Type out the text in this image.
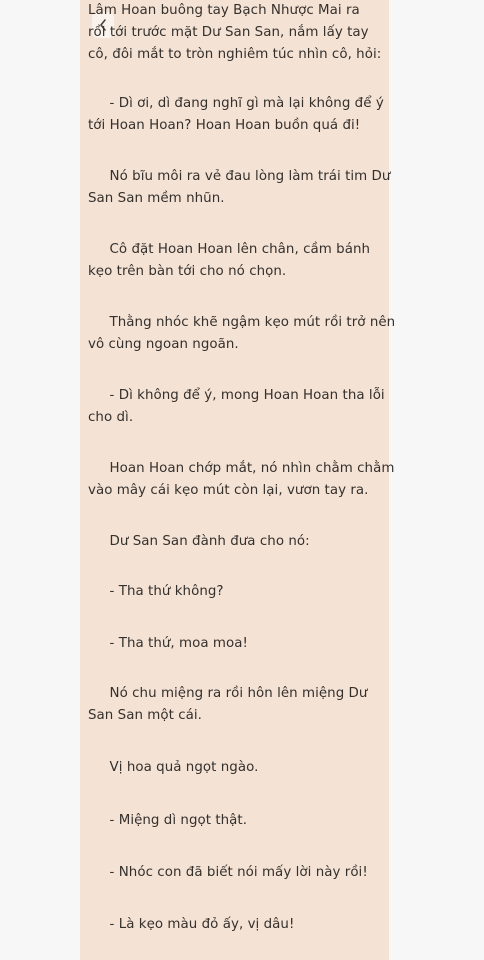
Lâm Hoan buông tay Bạch Nhược Mai ra
rồi tới trước mặt Dư San San, nắm lấy tay
cô, đôi mắt to tròn nghiêm túc nhìn cô, hỏi:
- Dì ơi, dì đang nghĩ gì mà lại không để ý
tới Hoan Hoan? Hoan Hoan buồn quá đi!
Nó bĩu môi ra vẻ đau lòng làm trái tim Dư
San San mềm nhũn.
Cô đặt Hoan Hoan lên chân, cầm bánh
kẹo trên bàn tới cho nó chọn.
Thằng nhóc khẽ ngậm kẹo mút rồi trở nên
vô cùng ngoan ngoãn.
- Dì không để ý, mong Hoan Hoan tha lỗi
cho dì.
Hoan Hoan chớp mắt, nó nhìn chằm chằm
vào mây cái kẹo mút còn lại, vươn tay ra.
Dư San San đành đưa cho nó:
- Tha thứ không?
- Tha thứ, moa moa!
Nó chu miệng ra rồi hôn lên miệng Dư
San San một cái.
Vị hoa quả ngọt ngào.
- Miệng dì ngọt thật.
- Nhóc con đã biết nói mấy lời này rồi!
- Là kẹo màu đỏ ấy, vị dâu!
